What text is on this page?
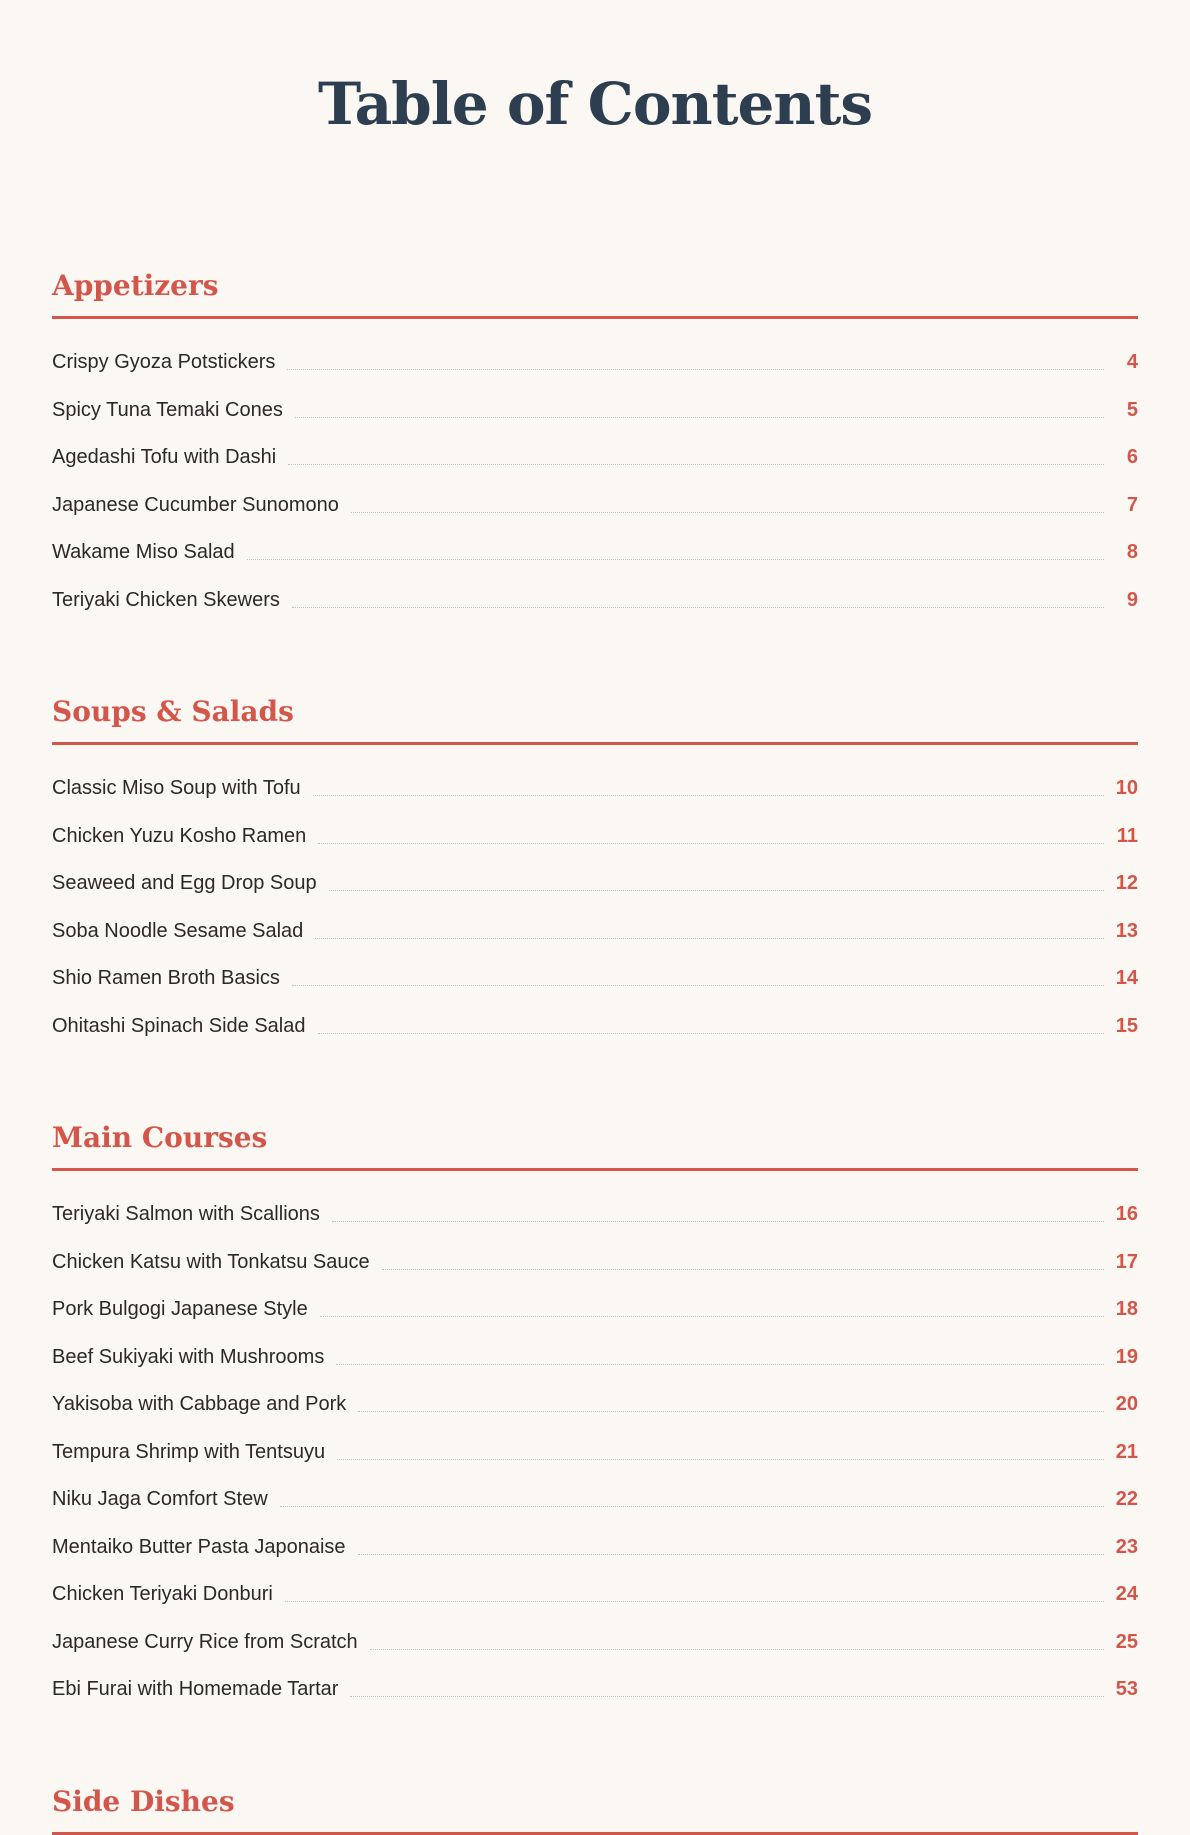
Table of Contents
Appetizers
Crispy Gyoza Potstickers	4
Spicy Tuna Temaki Cones	5
Agedashi Tofu with Dashi	6
Japanese Cucumber Sunomono	7
Wakame Miso Salad	8
Teriyaki Chicken Skewers	9
Soups & Salads
Classic Miso Soup with Tofu	10
Chicken Yuzu Kosho Ramen	11
Seaweed and Egg Drop Soup	12
Soba Noodle Sesame Salad	13
Shio Ramen Broth Basics	14
Ohitashi Spinach Side Salad	15
Main Courses
Teriyaki Salmon with Scallions	16
Chicken Katsu with Tonkatsu Sauce	17
Pork Bulgogi Japanese Style	18
Beef Sukiyaki with Mushrooms	19
Yakisoba with Cabbage and Pork	20
Tempura Shrimp with Tentsuyu	21
Niku Jaga Comfort Stew	22
Mentaiko Butter Pasta Japonaise	23
Chicken Teriyaki Donburi	24
Japanese Curry Rice from Scratch	25
Ebi Furai with Homemade Tartar	53
Side Dishes
